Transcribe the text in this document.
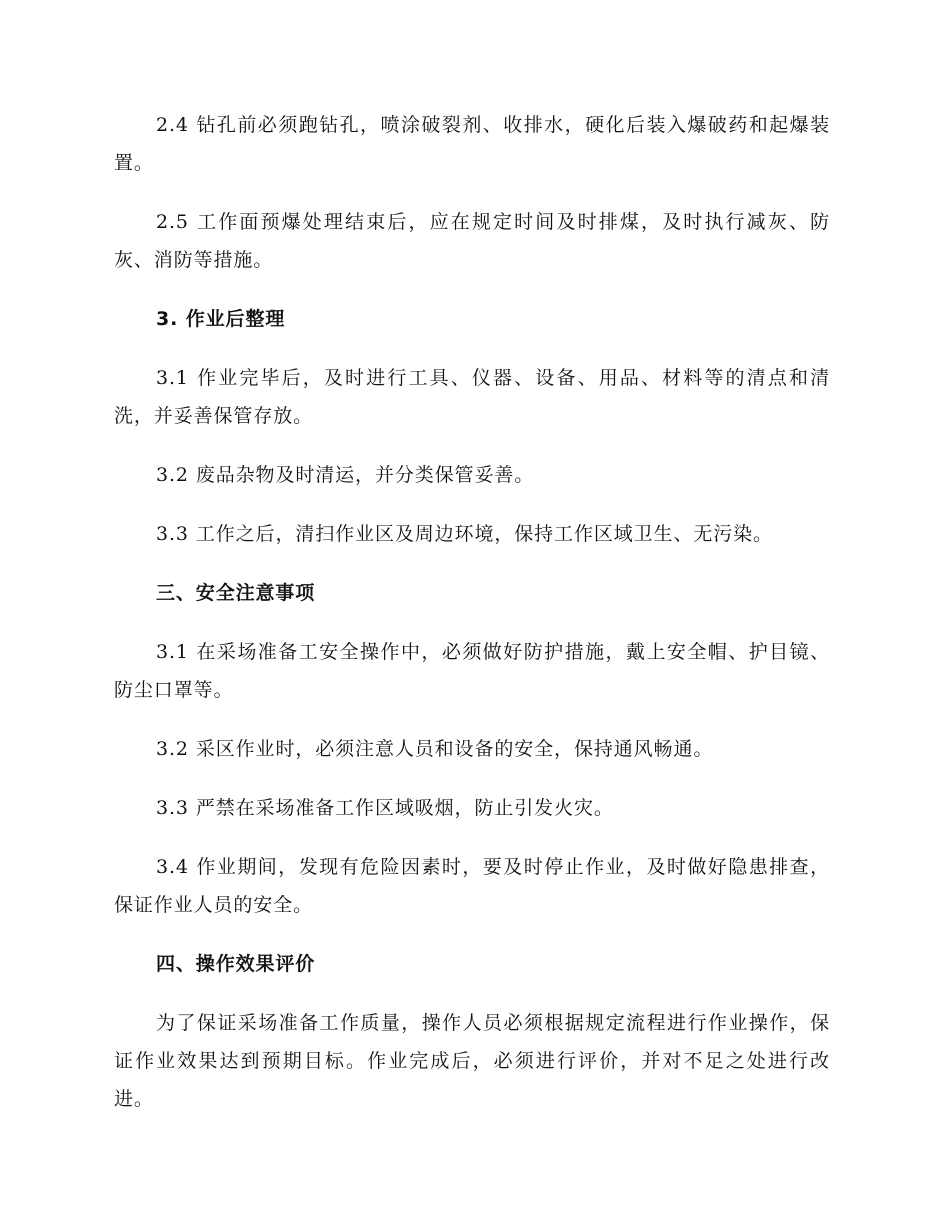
2.4 钻孔前必须跑钻孔，喷涂破裂剂、收排水，硬化后装入爆破药和起爆装置。

2.5 工作面预爆处理结束后，应在规定时间及时排煤，及时执行减灰、防灰、消防等措施。

3. 作业后整理

3.1 作业完毕后，及时进行工具、仪器、设备、用品、材料等的清点和清洗，并妥善保管存放。

3.2 废品杂物及时清运，并分类保管妥善。

3.3 工作之后，清扫作业区及周边环境，保持工作区域卫生、无污染。

三、安全注意事项

3.1 在采场准备工安全操作中，必须做好防护措施，戴上安全帽、护目镜、防尘口罩等。

3.2 采区作业时，必须注意人员和设备的安全，保持通风畅通。

3.3 严禁在采场准备工作区域吸烟，防止引发火灾。

3.4 作业期间，发现有危险因素时，要及时停止作业，及时做好隐患排查，保证作业人员的安全。

四、操作效果评价

为了保证采场准备工作质量，操作人员必须根据规定流程进行作业操作，保证作业效果达到预期目标。作业完成后，必须进行评价，并对不足之处进行改进。
